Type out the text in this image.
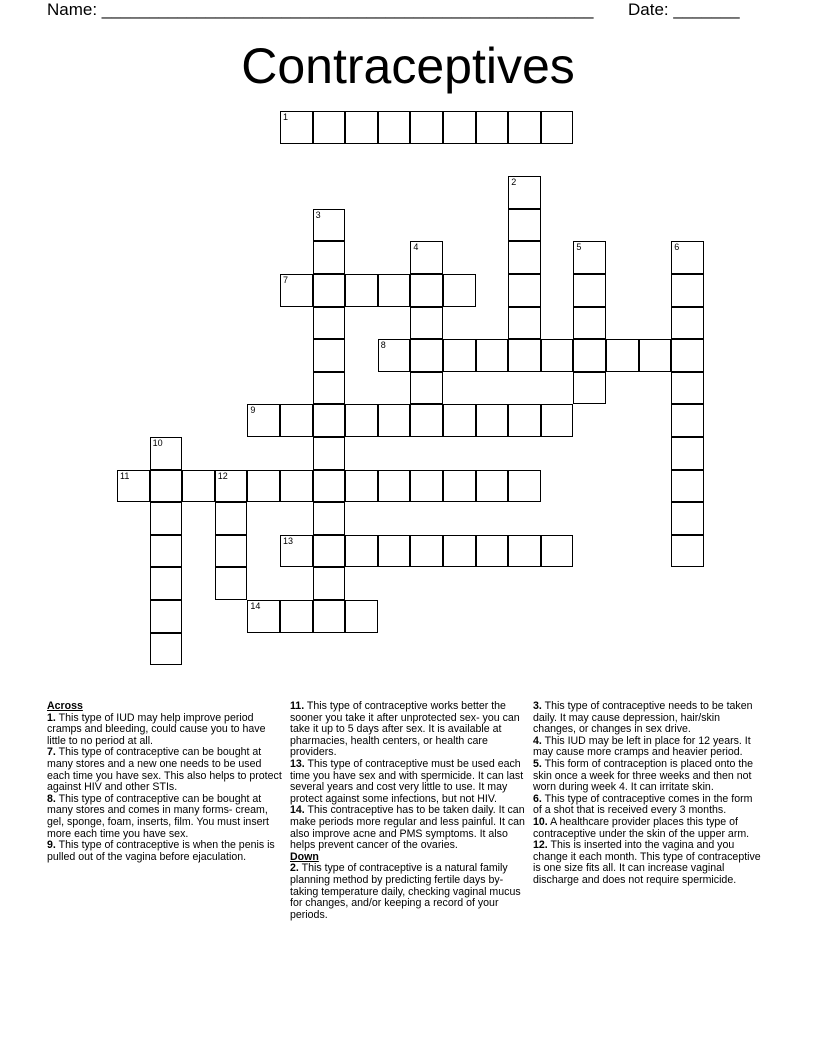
Name: ____________________________________________________ Date: _______
Contraceptives
1
2
3
4	5	6
7
8
9
10
11	12
13
14

Across

1. This type of IUD may help improve period cramps and bleeding, could cause you to have little to no period at all.

7. This type of contraceptive can be bought at many stores and a new one needs to be used each time you have sex. This also helps to protect against HIV and other STIs.

8. This type of contraceptive can be bought at many stores and comes in many forms- cream, gel, sponge, foam, inserts, film. You must insert more each time you have sex.

9. This type of contraceptive is when the penis is pulled out of the vagina before ejaculation.

11. This type of contraceptive works better the sooner you take it after unprotected sex- you can take it up to 5 days after sex. It is available at pharmacies, health centers, or health care providers.

13. This type of contraceptive must be used each time you have sex and with spermicide. It can last several years and cost very little to use. It may protect against some infections, but not HIV.

14. This contraceptive has to be taken daily. It can make periods more regular and less painful. It can also improve acne and PMS symptoms. It also helps prevent cancer of the ovaries.

Down

2. This type of contraceptive is a natural family planning method by predicting fertile days by- taking temperature daily, checking vaginal mucus for changes, and/or keeping a record of your periods.

3. This type of contraceptive needs to be taken daily. It may cause depression, hair/skin changes, or changes in sex drive.

4. This IUD may be left in place for 12 years. It may cause more cramps and heavier period.

5. This form of contraception is placed onto the skin once a week for three weeks and then not worn during week 4. It can irritate skin.

6. This type of contraceptive comes in the form of a shot that is received every 3 months.

10. A healthcare provider places this type of contraceptive under the skin of the upper arm.

12. This is inserted into the vagina and you change it each month. This type of contraceptive is one size fits all. It can increase vaginal discharge and does not require spermicide.
